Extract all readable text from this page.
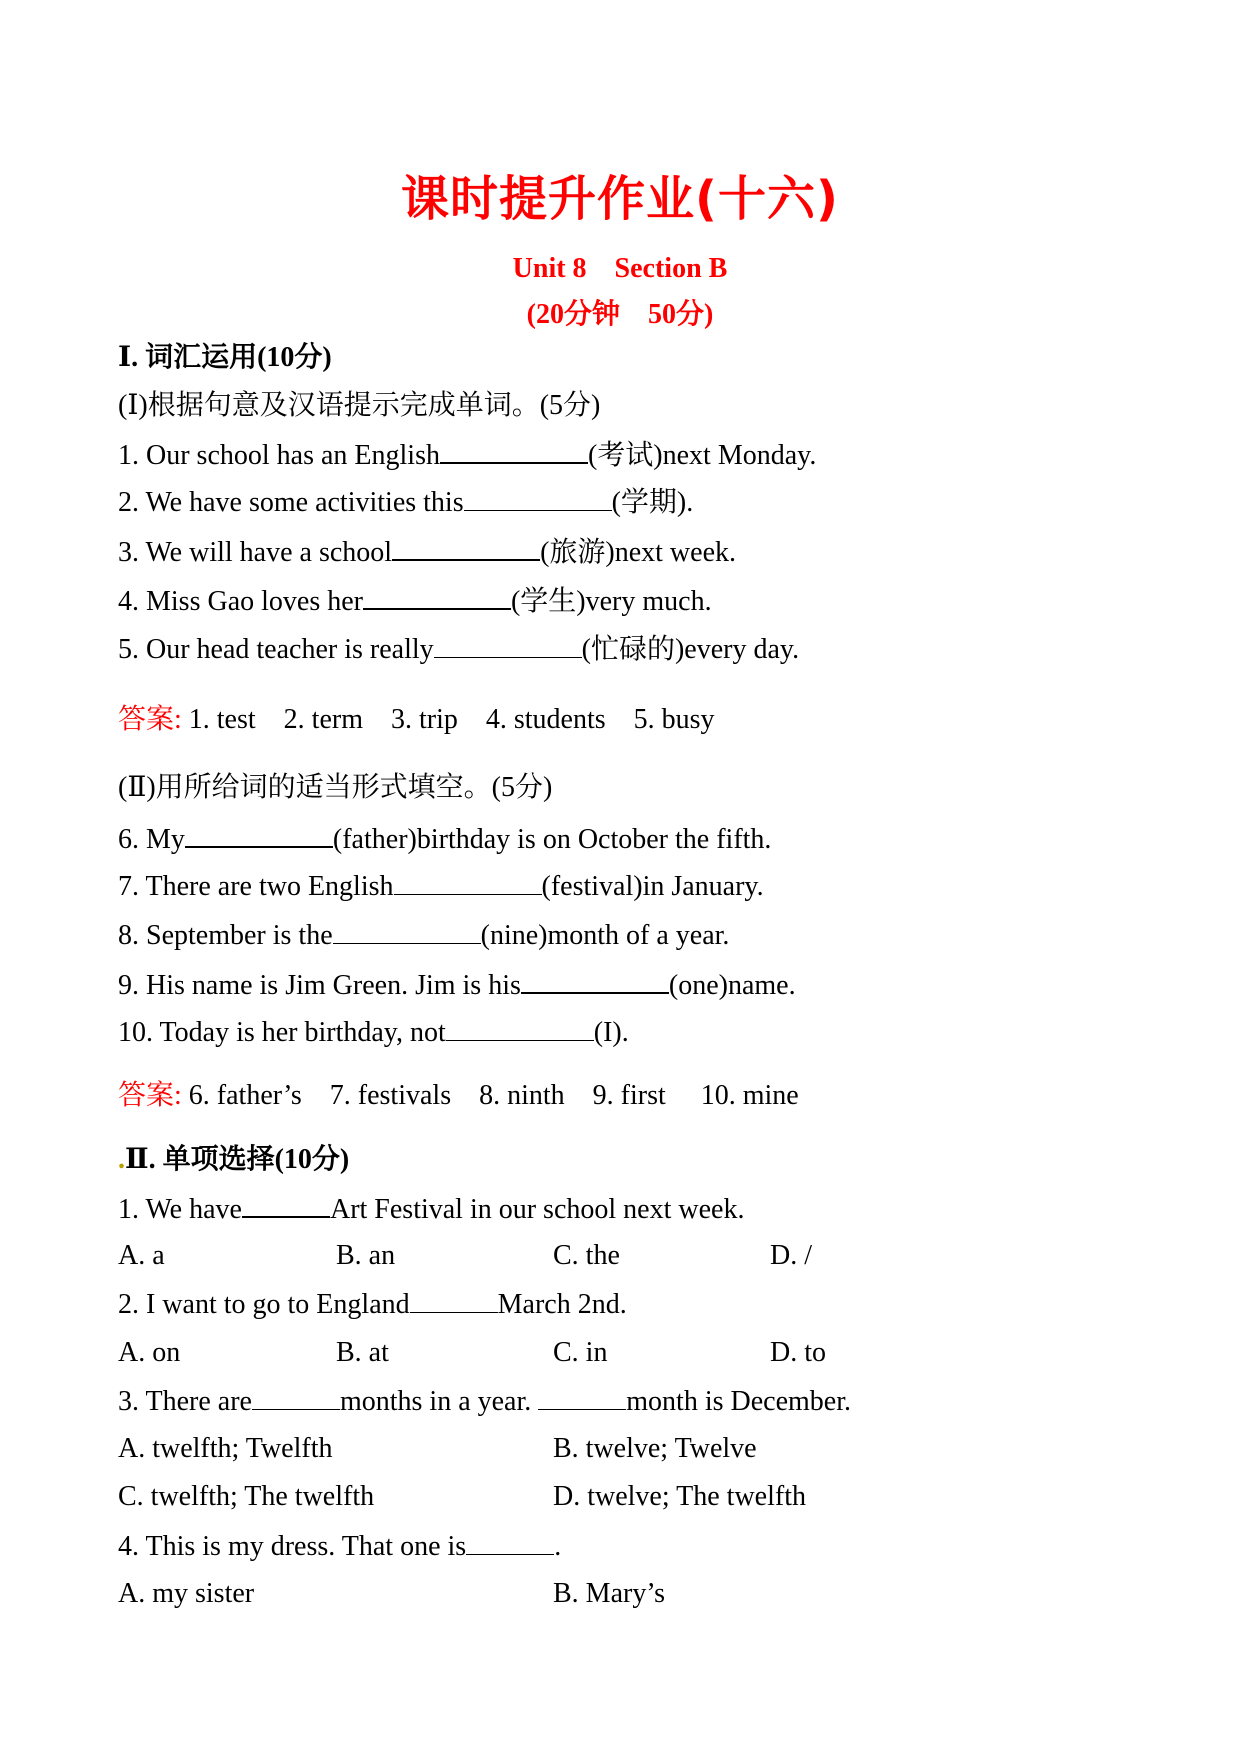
课时提升作业(十六)
Unit 8　Section B
(20分钟　50分)
Ⅰ. 词汇运用(10分)
(Ⅰ)根据句意及汉语提示完成单词。(5分)
1. Our school has an English	(考试)next Monday.
2. We have some activities this	(学期).
3. We will have a school	(旅游)next week.
4. Miss Gao loves her	(学生)very much.
5. Our head teacher is really	(忙碌的)every day.
答案: 1. test　2. term　3. trip　4. students　5. busy
(Ⅱ)用所给词的适当形式填空。(5分)
6. My	(father)birthday is on October the fifth.
7. There are two English	(festival)in January.
8. September is the	(nine)month of a year.
9. His name is Jim Green. Jim is his	(one)name.
10. Today is her birthday, not	(I).
答案: 6. father’s　7. festivals　8. ninth　9. first　 10. mine
.Ⅱ. 单项选择(10分)
1. We have	Art Festival in our school next week.
A. a	B. an	C. the	D. /
2. I want to go to England	March 2nd.
A. on	B. at	C. in	D. to
3. There are	months in a year.	month is December.
A. twelfth; Twelfth	B. twelve; Twelve
C. twelfth; The twelfth	D. twelve; The twelfth
4. This is my dress. That one is	.
A. my sister	B. Mary’s
